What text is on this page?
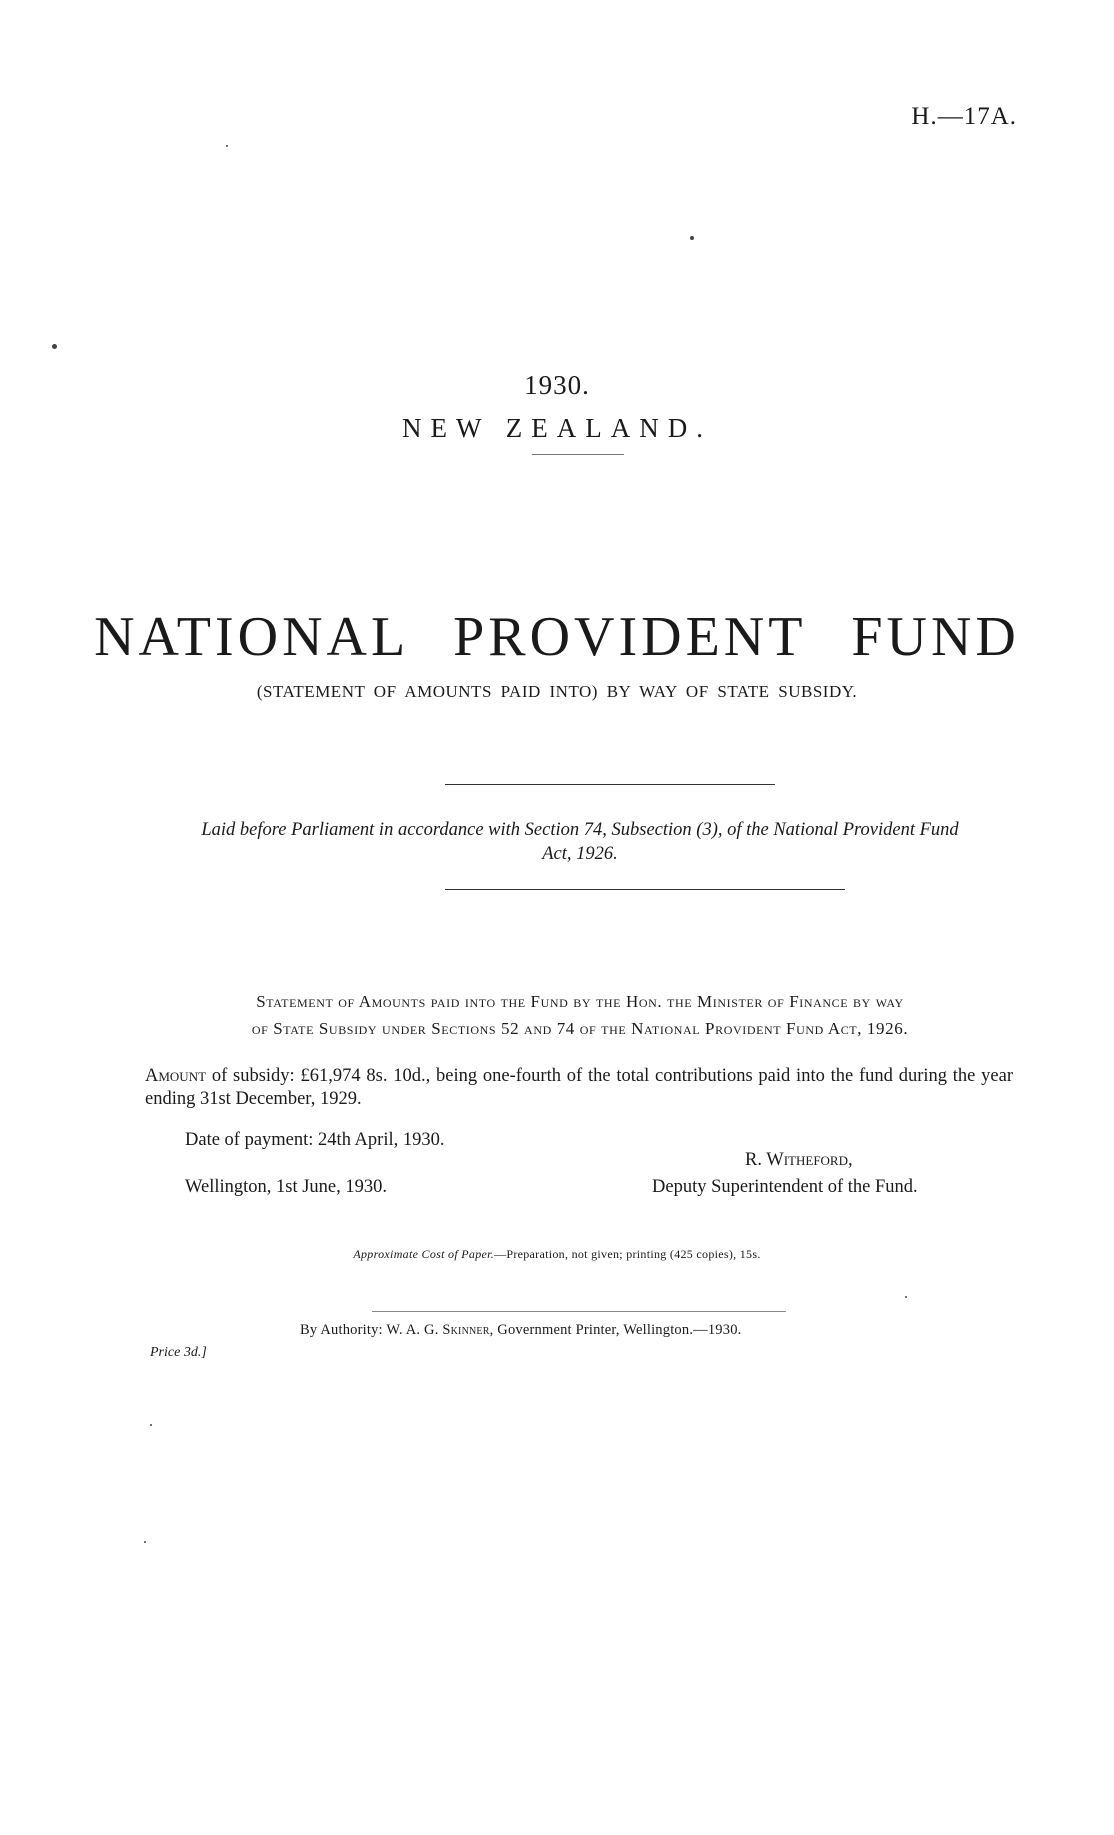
H.—17A.
1930.
NEW ZEALAND.
NATIONAL PROVIDENT FUND
(STATEMENT OF AMOUNTS PAID INTO) BY WAY OF STATE SUBSIDY.
Laid before Parliament in accordance with Section 74, Subsection (3), of the National Provident Fund
Act, 1926.
Statement of Amounts paid into the Fund by the Hon. the Minister of Finance by way
of State Subsidy under Sections 52 and 74 of the National Provident Fund Act, 1926.
Amount of subsidy: £61,974 8s. 10d., being one-fourth of the total contributions paid into the fund during the year ending 31st December, 1929.
Date of payment: 24th April, 1930.
R. Witheford,
Wellington, 1st June, 1930.	Deputy Superintendent of the Fund.
Approximate Cost of Paper.—Preparation, not given; printing (425 copies), 15s.
By Authority: W. A. G. Skinner, Government Printer, Wellington.—1930.
Price 3d.]
